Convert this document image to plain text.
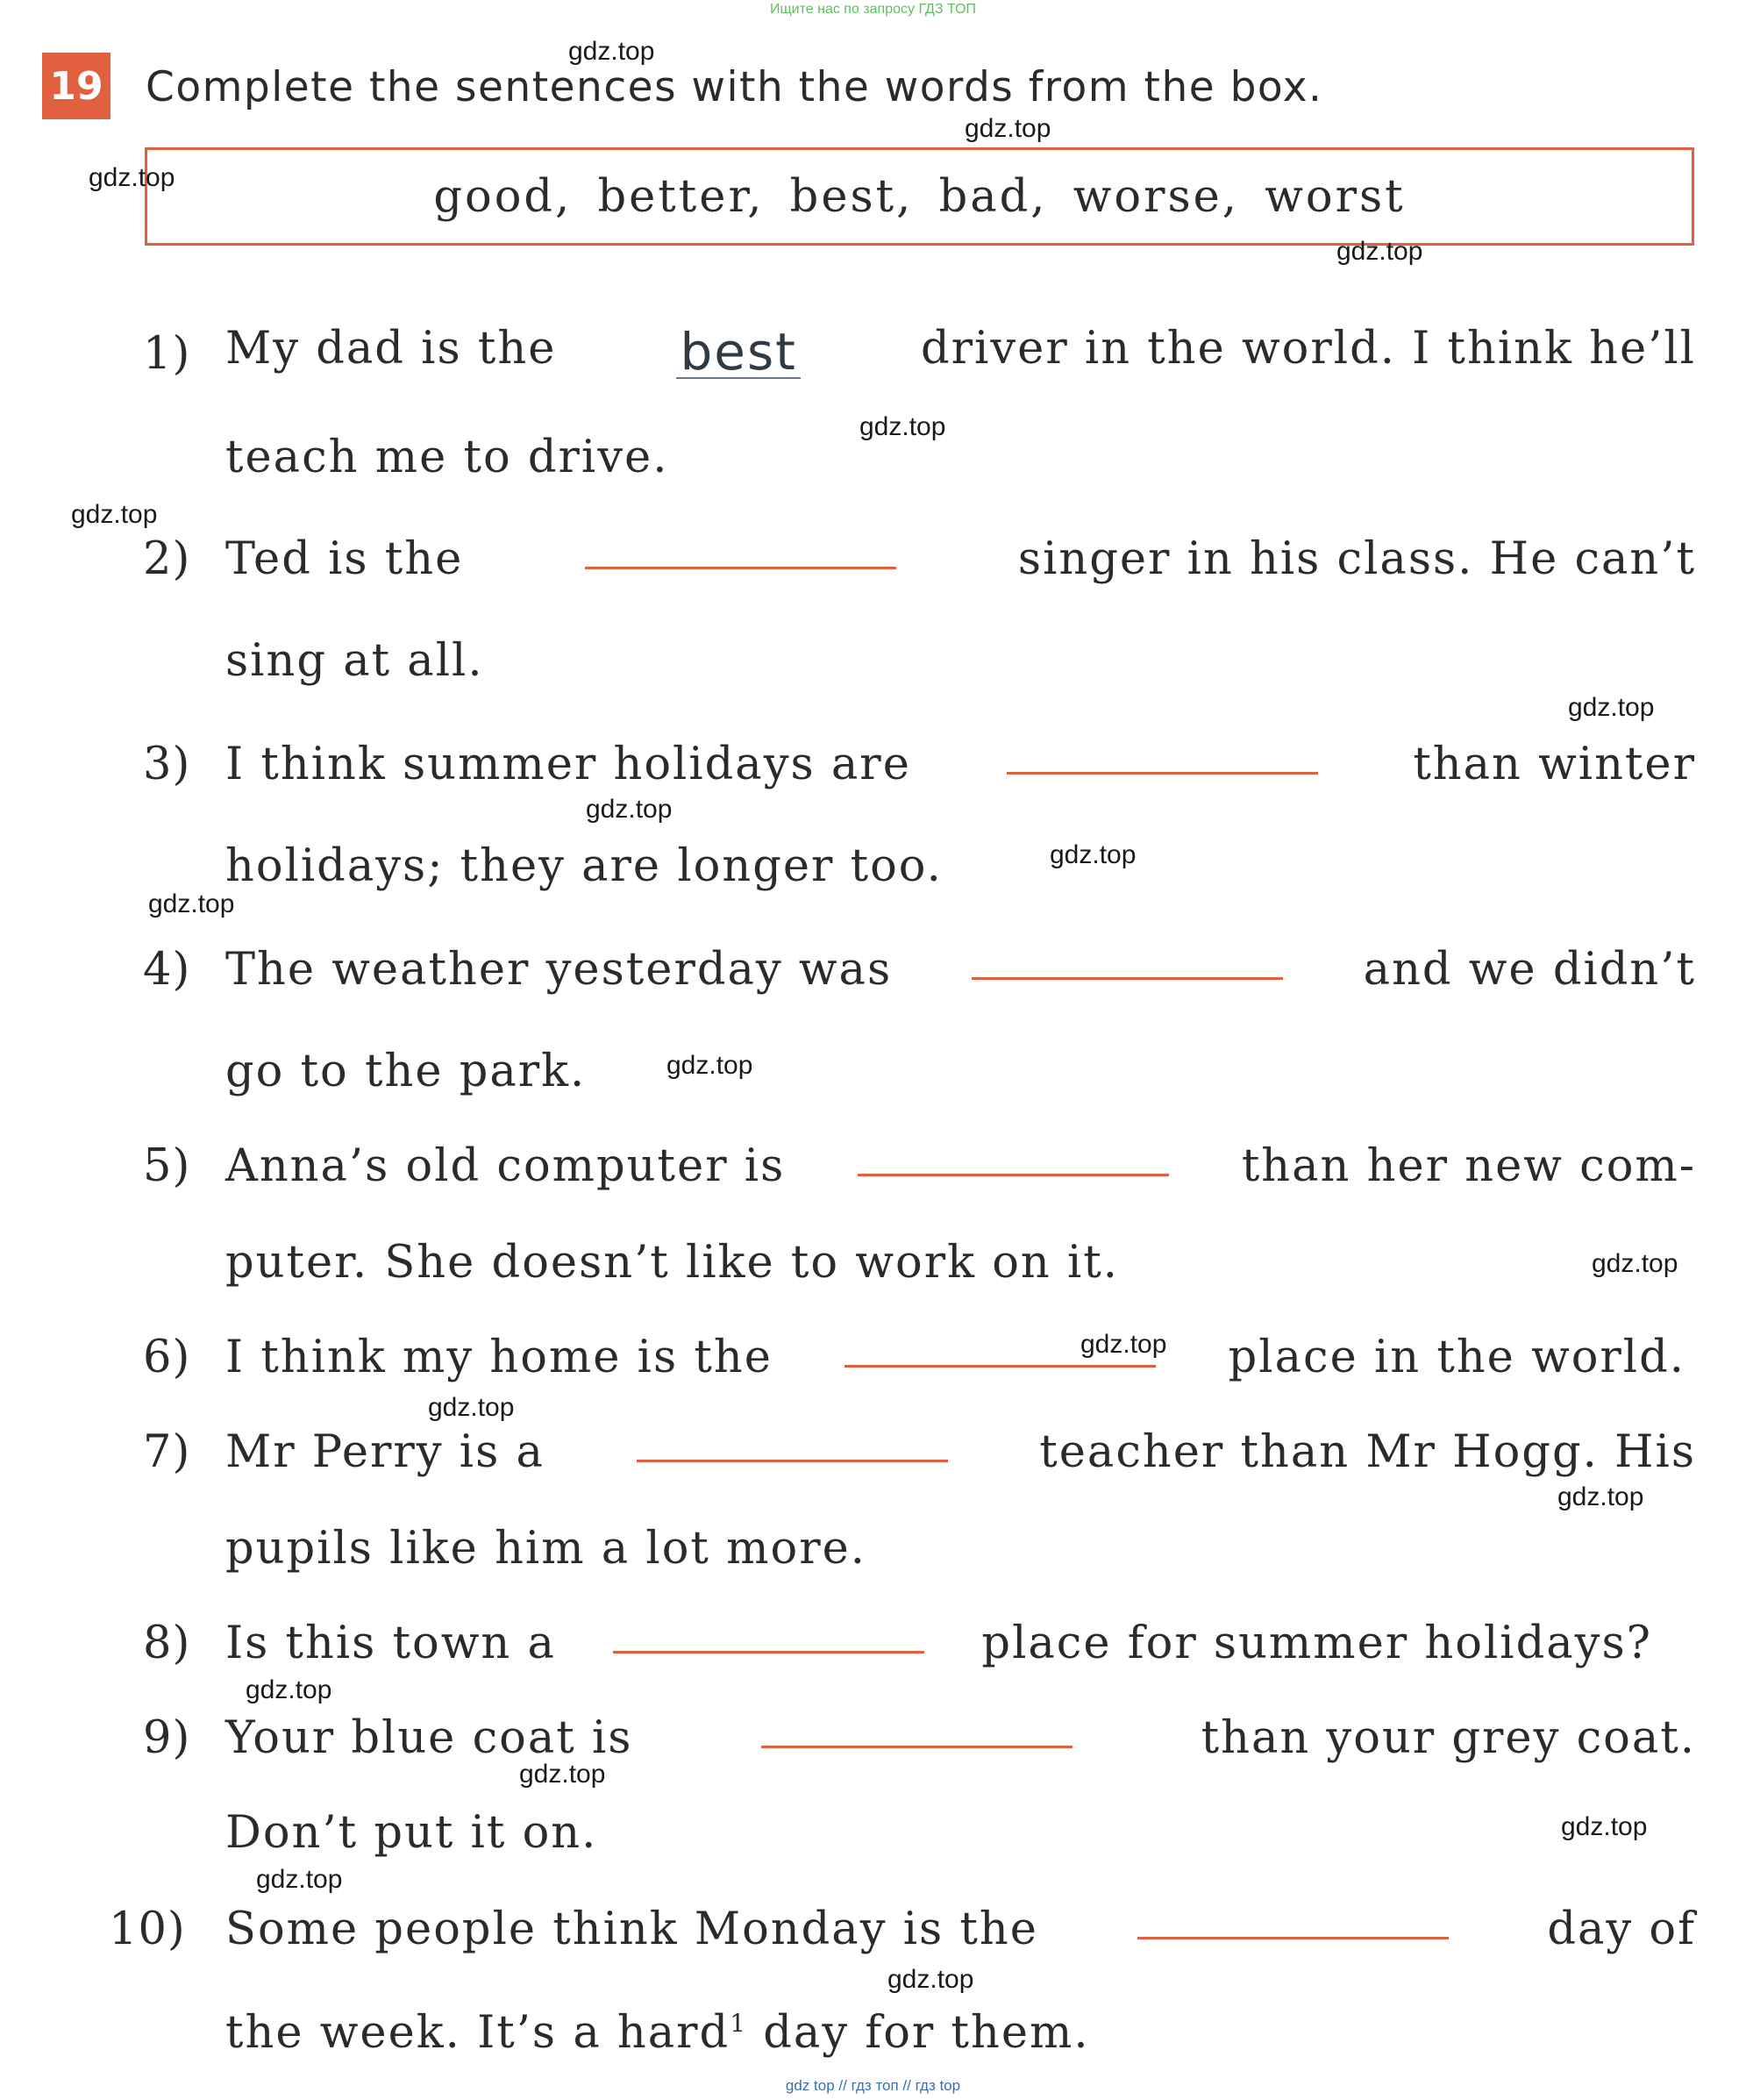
Ищите нас по запросу ГДЗ ТОП
19 Complete the sentences with the words from the box.
good, better, best, bad, worse, worst
1) My dad is the best	driver in the world. I think he’ll
teach me to drive.
2) Ted is the	singer in his class. He can’t
sing at all.
3) I think summer holidays are	than winter
holidays; they are longer too.
4) The weather yesterday was	and we didn’t
go to the park.
5) Anna’s old computer is	than her new com-
puter. She doesn’t like to work on it.
6) I think my home is the	place in the world.
7) Mr Perry is a	teacher than Mr Hogg. His
pupils like him a lot more.
8) Is this town a	place for summer holidays?
9) Your blue coat is	than your grey coat.
Don’t put it on.
10) Some people think Monday is the	day of
the week. It’s a hard$^1$ day for them.
gdz.top
gdz.top
gdz.top
gdz.top
gdz.top
gdz.top
gdz.top
gdz.top
gdz.top
gdz.top
gdz.top
gdz.top
gdz.top
gdz.top
gdz.top
gdz.top
gdz.top
gdz.top
gdz.top
gdz.top
gdz top // гдз топ // гдз top
